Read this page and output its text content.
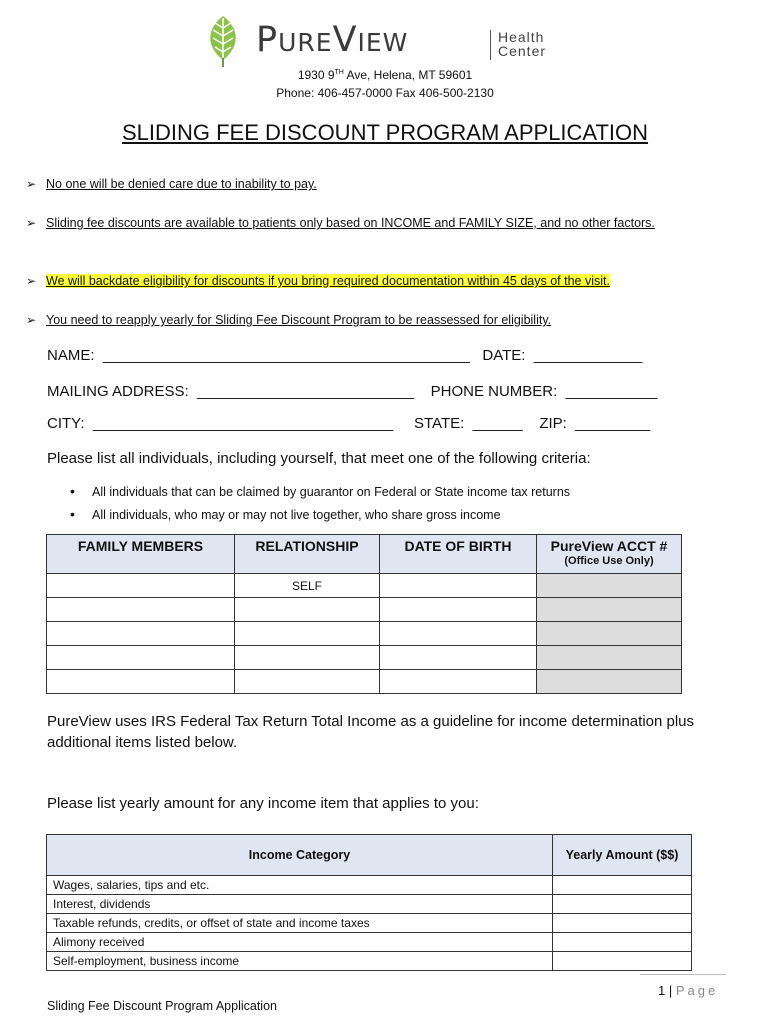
PureView	Health
Center
1930 9TH Ave, Helena, MT 59601
Phone: 406-457-0000 Fax 406-500-2130
SLIDING FEE DISCOUNT PROGRAM APPLICATION
➢ No one will be denied care due to inability to pay.
➢ Sliding fee discounts are available to patients only based on INCOME and FAMILY SIZE, and no other factors.
➢ We will backdate eligibility for discounts if you bring required documentation within 45 days of the visit.
➢ You need to reapply yearly for Sliding Fee Discount Program to be reassessed for eligibility.
NAME:  ____________________________________________   DATE:  _____________
MAILING ADDRESS:  __________________________    PHONE NUMBER:  ___________
CITY:  ____________________________________     STATE:  ______    ZIP:  _________
Please list all individuals, including yourself, that meet one of the following criteria:
• All individuals that can be claimed by guarantor on Federal or State income tax returns
• All individuals, who may or may not live together, who share gross income
FAMILY MEMBERS	RELATIONSHIP	DATE OF BIRTH	PureView ACCT #
(Office Use Only)

	SELF		

PureView uses IRS Federal Tax Return Total Income as a guideline for income determination plus additional items listed below.
Please list yearly amount for any income item that applies to you:
Income Category	Yearly Amount ($$)
Wages, salaries, tips and etc.	
Interest, dividends	
Taxable refunds, credits, or offset of state and income taxes	
Alimony received	
Self-employment, business income	
1 | Page
Sliding Fee Discount Program Application
